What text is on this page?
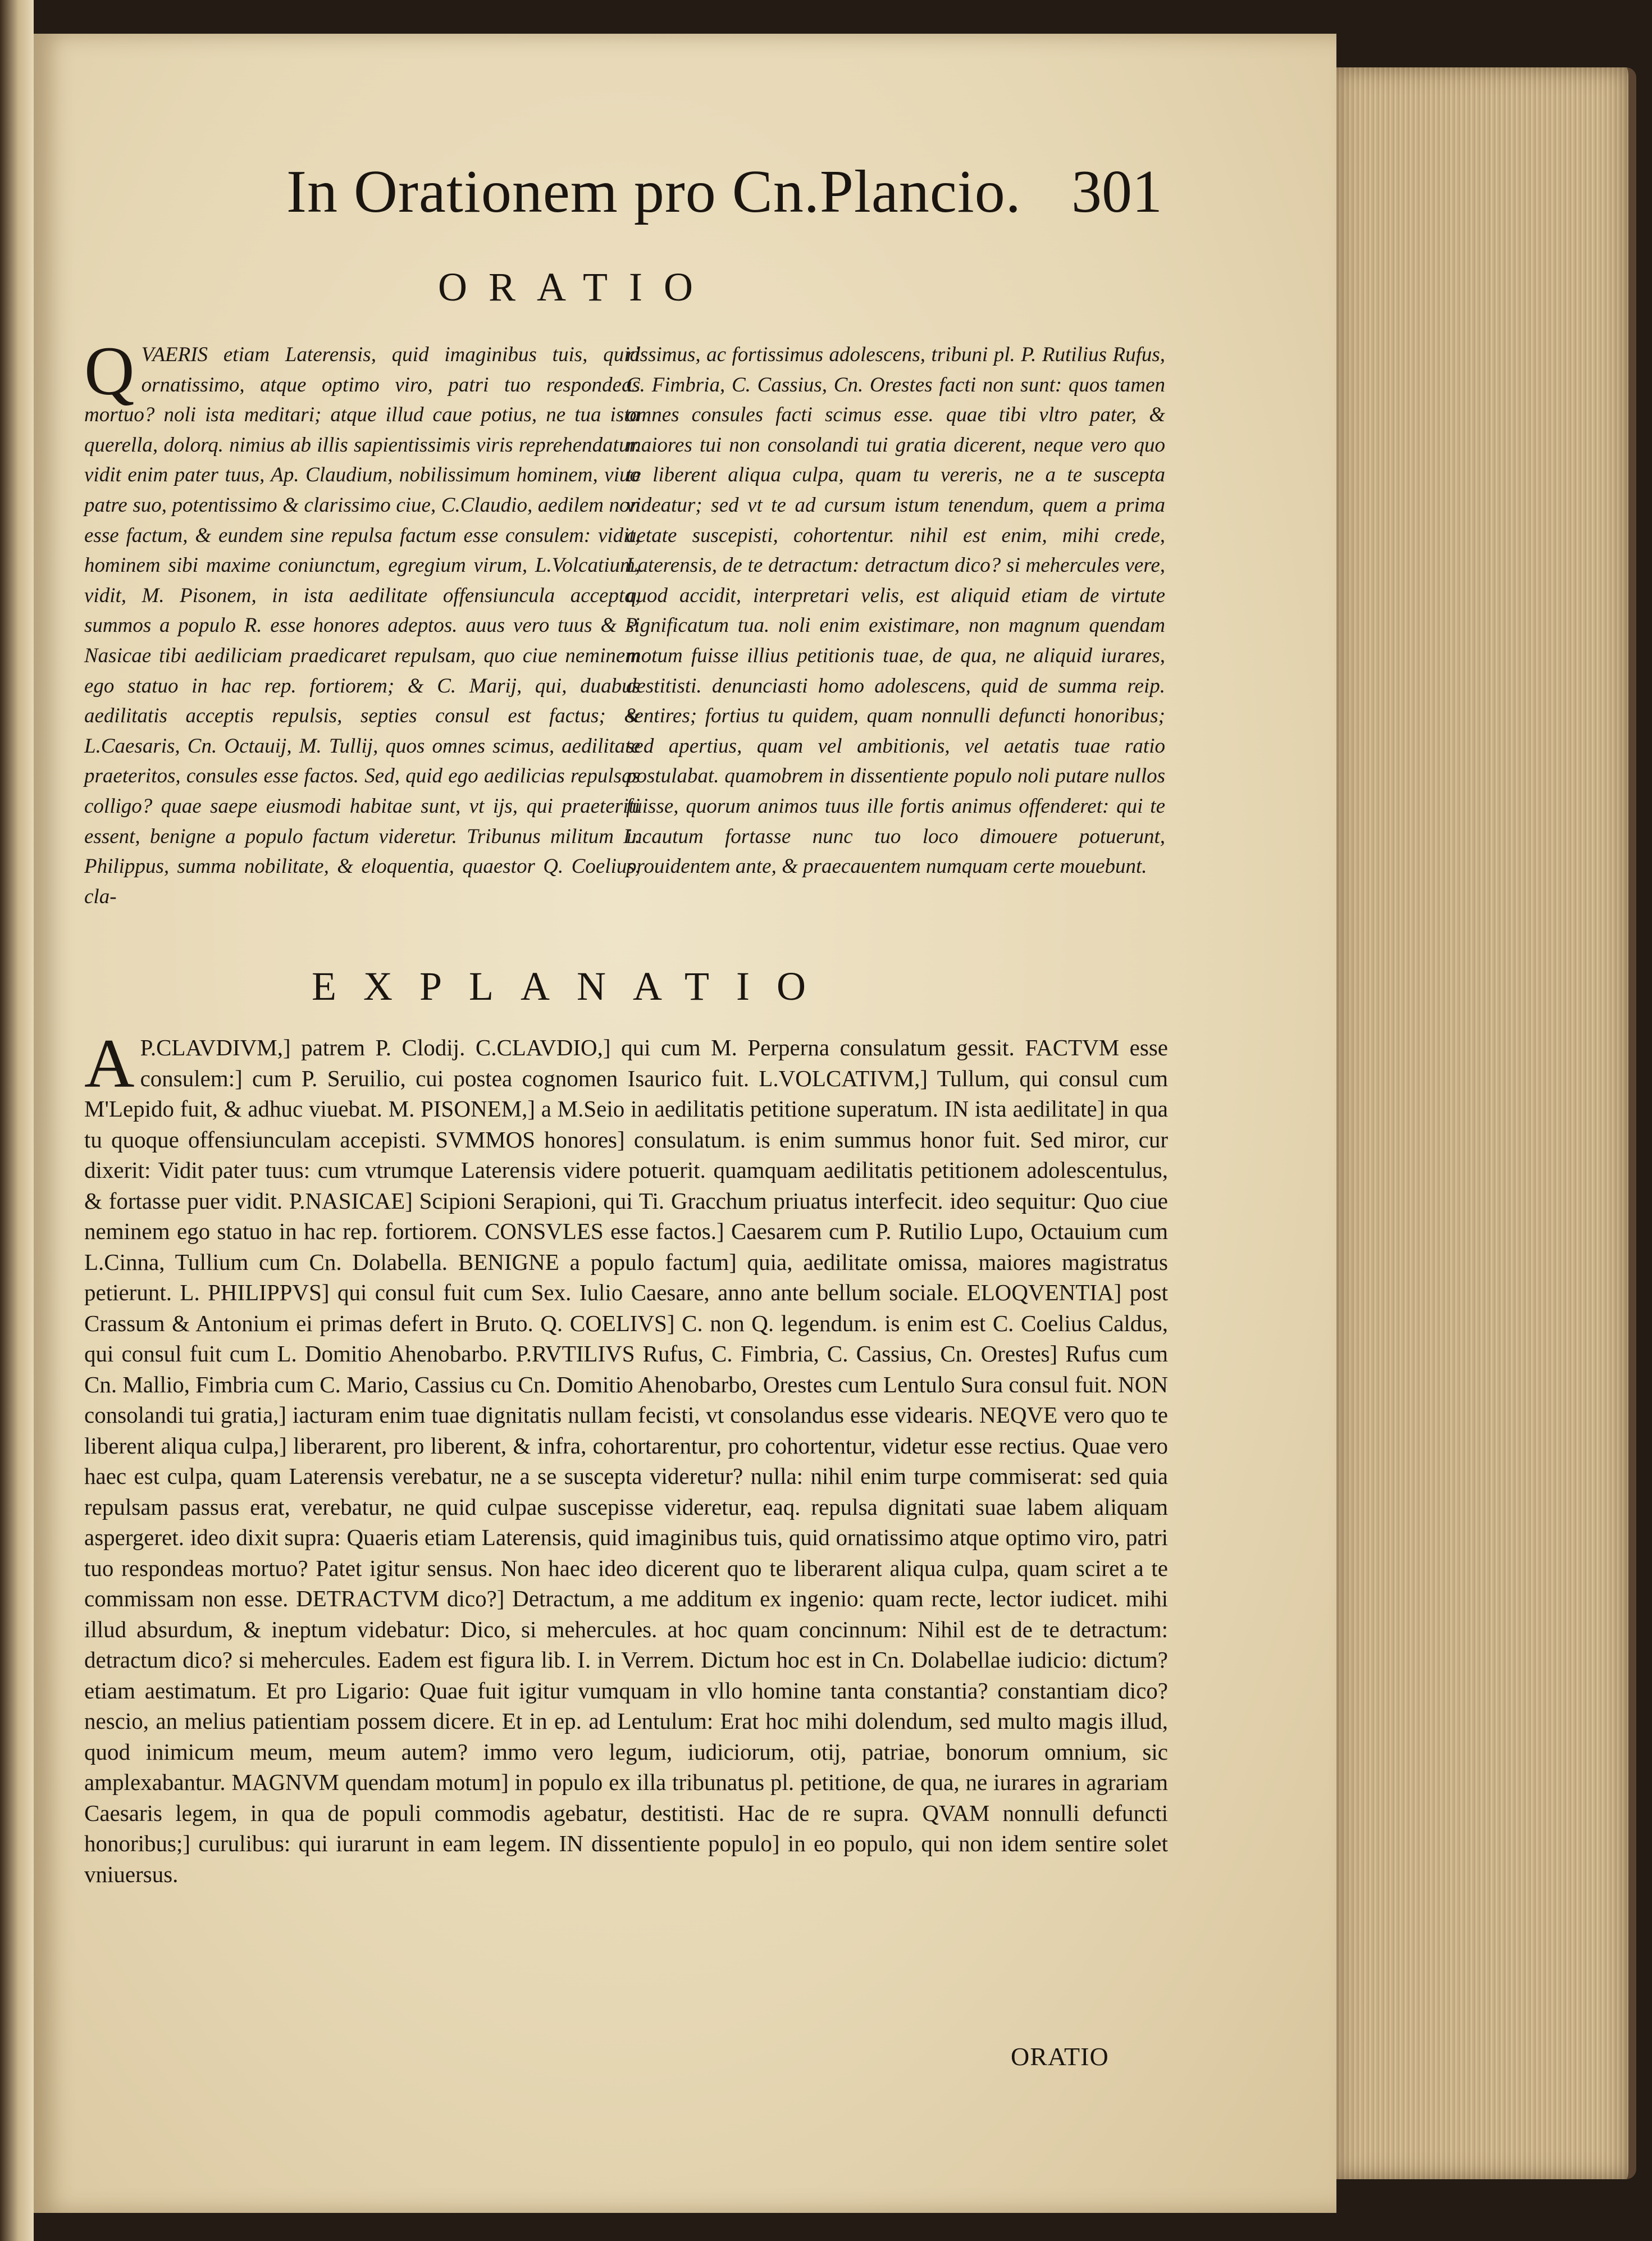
In Orationem pro Cn.Plancio. 301
ORATIO

QVAERIS etiam Laterensis, quid imaginibus tuis, quid ornatissimo, atque optimo viro, patri tuo respondeas mortuo? noli ista meditari; atque illud caue potius, ne tua ista querella, dolorq. nimius ab illis sapientissimis viris reprehendatur. vidit enim pater tuus, Ap. Claudium, nobilissimum hominem, viuo patre suo, potentissimo & clarissimo ciue, C.Claudio, aedilem non esse factum, & eundem sine repulsa factum esse consulem: vidit, hominem sibi maxime coniunctum, egregium virum, L.Volcatium, vidit, M. Pisonem, in ista aedilitate offensiuncula accepta, summos a populo R. esse honores adeptos. auus vero tuus & P. Nasicae tibi aediliciam praedicaret repulsam, quo ciue neminem ego statuo in hac rep. fortiorem; & C. Marij, qui, duabus aedilitatis acceptis repulsis, septies consul est factus; & L.Caesaris, Cn. Octauij, M. Tullij, quos omnes scimus, aedilitate praeteritos, consules esse factos. Sed, quid ego aedilicias repulsas colligo? quae saepe eiusmodi habitae sunt, vt ijs, qui praeteriti essent, benigne a populo factum videretur. Tribunus militum L. Philippus, summa nobilitate, & eloquentia, quaestor Q. Coelius, cla-

rissimus, ac fortissimus adolescens, tribuni pl. P. Rutilius Rufus, C. Fimbria, C. Cassius, Cn. Orestes facti non sunt: quos tamen omnes consules facti scimus esse. quae tibi vltro pater, & maiores tui non consolandi tui gratia dicerent, neque vero quo te liberent aliqua culpa, quam tu vereris, ne a te suscepta videatur; sed vt te ad cursum istum tenendum, quem a prima aetate suscepisti, cohortentur. nihil est enim, mihi crede, Laterensis, de te detractum: detractum dico? si mehercules vere, quod accidit, interpretari velis, est aliquid etiam de virtute significatum tua. noli enim existimare, non magnum quendam motum fuisse illius petitionis tuae, de qua, ne aliquid iurares, destitisti. denunciasti homo adolescens, quid de summa reip. sentires; fortius tu quidem, quam nonnulli defuncti honoribus; sed apertius, quam vel ambitionis, vel aetatis tuae ratio postulabat. quamobrem in dissentiente populo noli putare nullos fuisse, quorum animos tuus ille fortis animus offenderet: qui te incautum fortasse nunc tuo loco dimouere potuerunt, prouidentem ante, & praecauentem numquam certe mouebunt.

EXPLANATIO

A P.CLAVDIVM,] patrem P. Clodij. C.CLAVDIO,] qui cum M. Perperna consulatum gessit. FACTVM esse consulem:] cum P. Seruilio, cui postea cognomen Isaurico fuit. L.VOLCATIVM,] Tullum, qui consul cum M'Lepido fuit, & adhuc viuebat. M. PISONEM,] a M.Seio in aedilitatis petitione superatum. IN ista aedilitate] in qua tu quoque offensiunculam accepisti. SVMMOS honores] consulatum. is enim summus honor fuit. Sed miror, cur dixerit: Vidit pater tuus: cum vtrumque Laterensis videre potuerit. quamquam aedilitatis petitionem adolescentulus, & fortasse puer vidit. P.NASICAE] Scipioni Serapioni, qui Ti. Gracchum priuatus interfecit. ideo sequitur: Quo ciue neminem ego statuo in hac rep. fortiorem. CONSVLES esse factos.] Caesarem cum P. Rutilio Lupo, Octauium cum L.Cinna, Tullium cum Cn. Dolabella. BENIGNE a populo factum] quia, aedilitate omissa, maiores magistratus petierunt. L. PHILIPPVS] qui consul fuit cum Sex. Iulio Caesare, anno ante bellum sociale. ELOQVENTIA] post Crassum & Antonium ei primas defert in Bruto. Q. COELIVS] C. non Q. legendum. is enim est C. Coelius Caldus, qui consul fuit cum L. Domitio Ahenobarbo. P.RVTILIVS Rufus, C. Fimbria, C. Cassius, Cn. Orestes] Rufus cum Cn. Mallio, Fimbria cum C. Mario, Cassius cu Cn. Domitio Ahenobarbo, Orestes cum Lentulo Sura consul fuit. NON consolandi tui gratia,] iacturam enim tuae dignitatis nullam fecisti, vt consolandus esse videaris. NEQVE vero quo te liberent aliqua culpa,] liberarent, pro liberent, & infra, cohortarentur, pro cohortentur, videtur esse rectius. Quae vero haec est culpa, quam Laterensis verebatur, ne a se suscepta videretur? nulla: nihil enim turpe commiserat: sed quia repulsam passus erat, verebatur, ne quid culpae suscepisse videretur, eaq. repulsa dignitati suae labem aliquam aspergeret. ideo dixit supra: Quaeris etiam Laterensis, quid imaginibus tuis, quid ornatissimo atque optimo viro, patri tuo respondeas mortuo? Patet igitur sensus. Non haec ideo dicerent quo te liberarent aliqua culpa, quam sciret a te commissam non esse. DETRACTVM dico?] Detractum, a me additum ex ingenio: quam recte, lector iudicet. mihi illud absurdum, & ineptum videbatur: Dico, si mehercules. at hoc quam concinnum: Nihil est de te detractum: detractum dico? si mehercules. Eadem est figura lib. I. in Verrem. Dictum hoc est in Cn. Dolabellae iudicio: dictum? etiam aestimatum. Et pro Ligario: Quae fuit igitur vumquam in vllo homine tanta constantia? constantiam dico? nescio, an melius patientiam possem dicere. Et in ep. ad Lentulum: Erat hoc mihi dolendum, sed multo magis illud, quod inimicum meum, meum autem? immo vero legum, iudiciorum, otij, patriae, bonorum omnium, sic amplexabantur. MAGNVM quendam motum] in populo ex illa tribunatus pl. petitione, de qua, ne iurares in agrariam Caesaris legem, in qua de populi commodis agebatur, destitisti. Hac de re supra. QVAM nonnulli defuncti honoribus;] curulibus: qui iurarunt in eam legem. IN dissentiente populo] in eo populo, qui non idem sentire solet vniuersus.

ORATIO
